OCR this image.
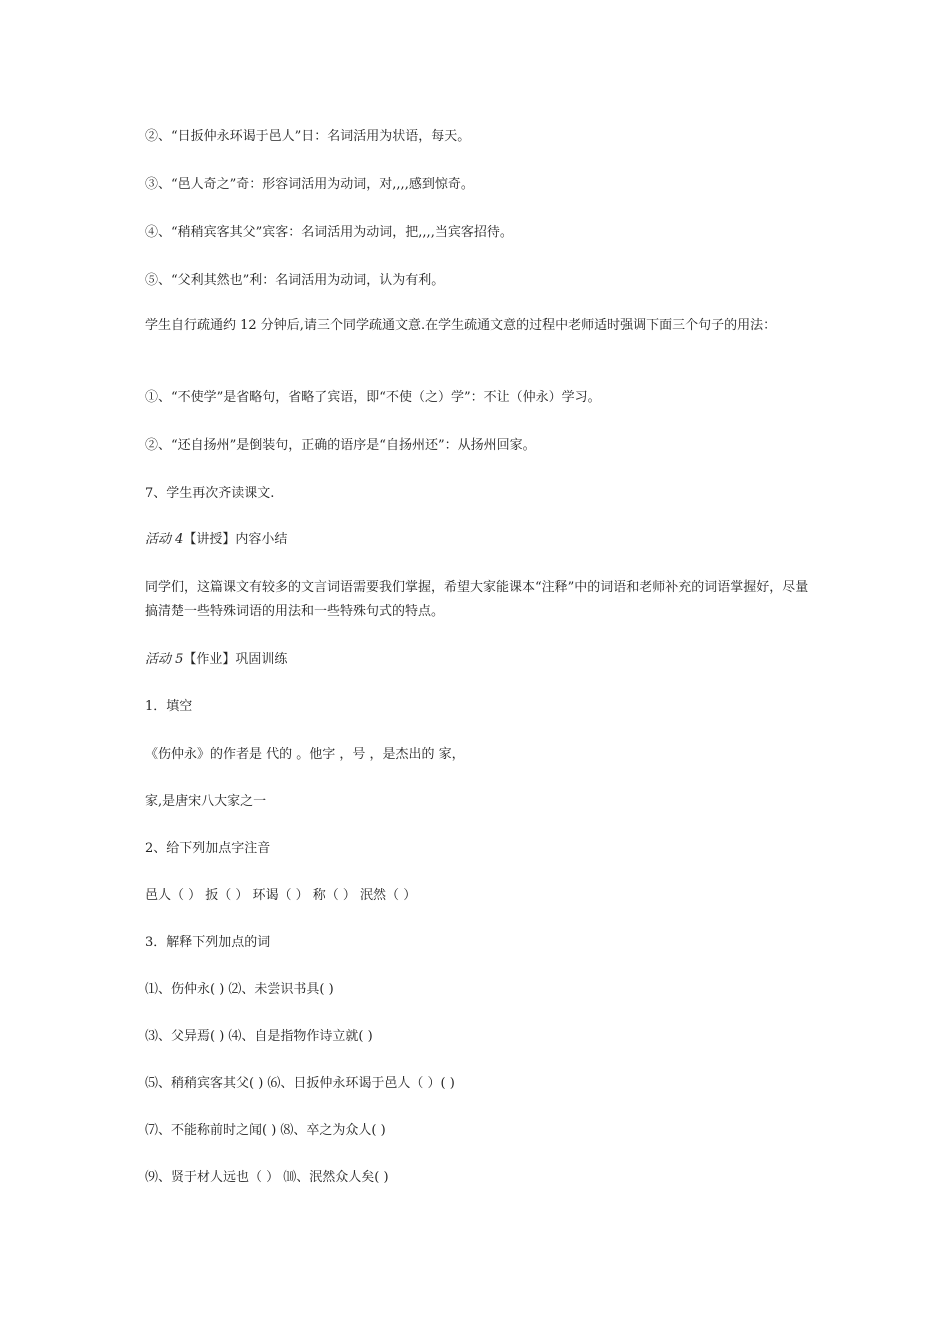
②、“日扳仲永环谒于邑人”日：名词活用为状语，每天。
③、“邑人奇之”奇：形容词活用为动词，对,,,,感到惊奇。
④、“稍稍宾客其父”宾客：名词活用为动词，把,,,,当宾客招待。
⑤、“父利其然也”利：名词活用为动词，认为有利。
学生自行疏通约 12 分钟后,请三个同学疏通文意.在学生疏通文意的过程中老师适时强调下面三个句子的用法：
①、“不使学”是省略句，省略了宾语，即“不使（之）学”：不让（仲永）学习。
②、“还自扬州”是倒装句，正确的语序是“自扬州还”：从扬州回家。
7、学生再次齐读课文.
活动 4【讲授】内容小结
同学们，这篇课文有较多的文言词语需要我们掌握，希望大家能课本“注释”中的词语和老师补充的词语掌握好，尽量搞清楚一些特殊词语的用法和一些特殊句式的特点。
活动 5【作业】巩固训练
1．填空
《伤仲永》的作者是 代的 。他字 ，号 ，是杰出的 家，
家,是唐宋八大家之一
2、给下列加点字注音
邑人（ ） 扳（ ） 环谒（ ） 称（ ） 泯然（ ）
3．解释下列加点的词
⑴、伤仲永( ) ⑵、未尝识书具( )
⑶、父异焉( ) ⑷、自是指物作诗立就( )
⑸、稍稍宾客其父( ) ⑹、日扳仲永环谒于邑人（ ）( )
⑺、不能称前时之闻( ) ⑻、卒之为众人( )
⑼、贤于材人远也（ ） ⑽、泯然众人矣( )
